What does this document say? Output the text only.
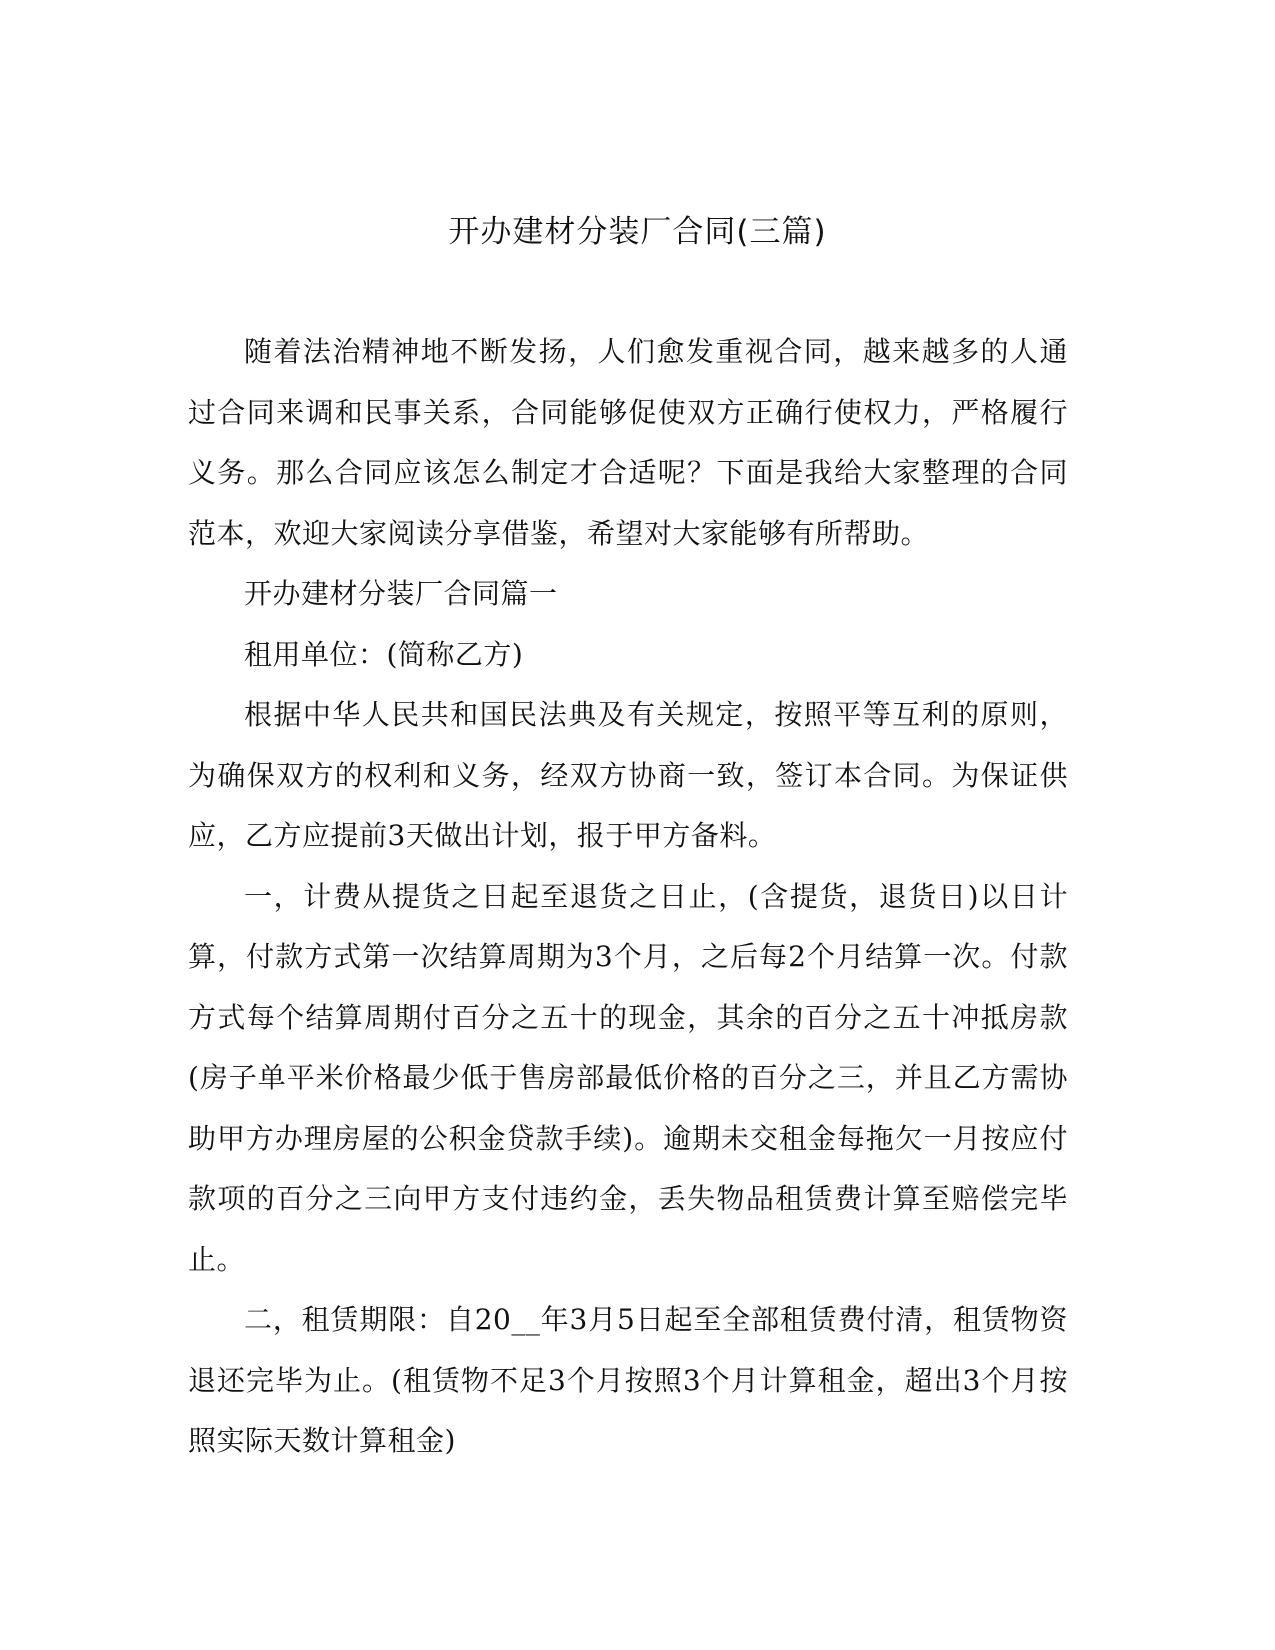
开办建材分装厂合同(三篇)

随着法治精神地不断发扬，人们愈发重视合同，越来越多的人通过合同来调和民事关系，合同能够促使双方正确行使权力，严格履行义务。那么合同应该怎么制定才合适呢？下面是我给大家整理的合同范本，欢迎大家阅读分享借鉴，希望对大家能够有所帮助。

开办建材分装厂合同篇一

租用单位：(简称乙方)

根据中华人民共和国民法典及有关规定，按照平等互利的原则，为确保双方的权利和义务，经双方协商一致，签订本合同。为保证供应，乙方应提前3天做出计划，报于甲方备料。

一，计费从提货之日起至退货之日止，(含提货，退货日)以日计算，付款方式第一次结算周期为3个月，之后每2个月结算一次。付款方式每个结算周期付百分之五十的现金，其余的百分之五十冲抵房款(房子单平米价格最少低于售房部最低价格的百分之三，并且乙方需协助甲方办理房屋的公积金贷款手续)。逾期未交租金每拖欠一月按应付款项的百分之三向甲方支付违约金，丢失物品租赁费计算至赔偿完毕止。

二，租赁期限：自20__年3月5日起至全部租赁费付清，租赁物资退还完毕为止。(租赁物不足3个月按照3个月计算租金，超出3个月按照实际天数计算租金)
